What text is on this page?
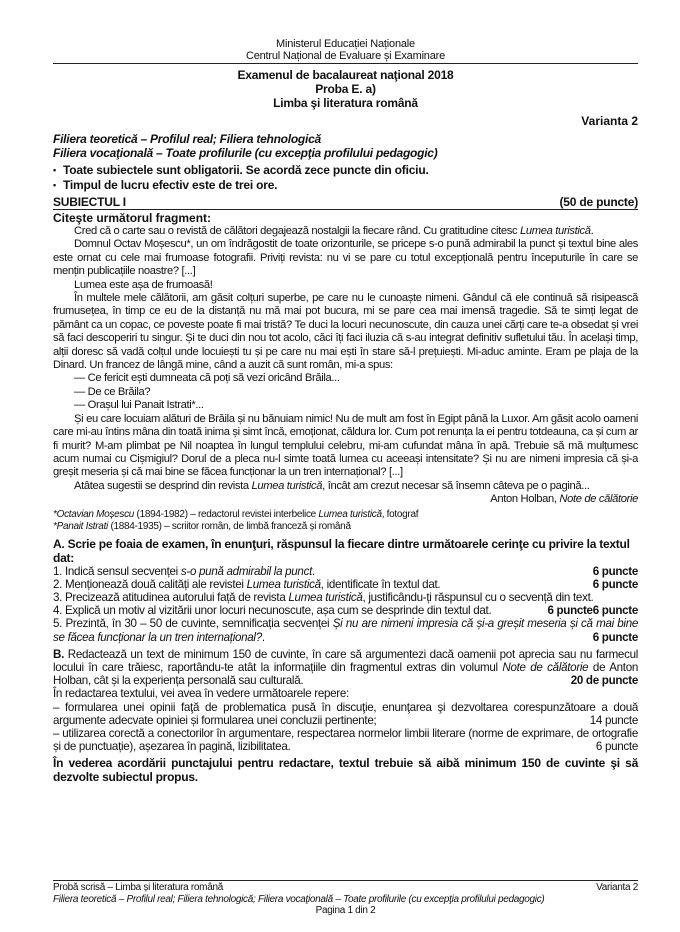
Ministerul Educației Naționale
Centrul Național de Evaluare și Examinare
Examenul de bacalaureat naţional 2018
Proba E. a)
Limba şi literatura română
Varianta 2
Filiera teoretică – Profilul real; Filiera tehnologică
Filiera vocaţională – Toate profilurile (cu excepţia profilului pedagogic)
• Toate subiectele sunt obligatorii. Se acordă zece puncte din oficiu.
• Timpul de lucru efectiv este de trei ore.
SUBIECTUL I	(50 de puncte)
Citeşte următorul fragment:

Cred că o carte sau o revistă de călători degajează nostalgii la fiecare rând. Cu gratitudine citesc Lumea turistică.

Domnul Octav Moșescu*, un om îndrăgostit de toate orizonturile, se pricepe s-o pună admirabil la punct și textul bine ales este ornat cu cele mai frumoase fotografii. Priviți revista: nu vi se pare cu totul excepțională pentru începuturile în care se mențin publicațiile noastre? [...]

Lumea este așa de frumoasă!

În multele mele călătorii, am găsit colțuri superbe, pe care nu le cunoaște nimeni. Gândul că ele continuă să risipească frumusețea, în timp ce eu de la distanță nu mă mai pot bucura, mi se pare cea mai imensă tragedie. Să te simți legat de pământ ca un copac, ce poveste poate fi mai tristă? Te duci la locuri necunoscute, din cauza unei cărți care te-a obsedat și vrei să faci descoperiri tu singur. Și te duci din nou tot acolo, căci îți faci iluzia că s-au integrat definitiv sufletului tău. În același timp, alții doresc să vadă colțul unde locuiești tu și pe care nu mai ești în stare să-l prețuiești. Mi-aduc aminte. Eram pe plaja de la Dinard. Un francez de lângă mine, când a auzit că sunt român, mi-a spus:

— Ce fericit ești dumneata că poți să vezi oricând Brăila...

— De ce Brăila?

— Orașul lui Panait Istrati*...

Și eu care locuiam alături de Brăila și nu bănuiam nimic! Nu de mult am fost în Egipt până la Luxor. Am găsit acolo oameni care mi-au întins mâna din toată inima și simt încă, emoționat, căldura lor. Cum pot renunța la ei pentru totdeauna, ca și cum ar fi murit? M-am plimbat pe Nil noaptea în lungul templului celebru, mi-am cufundat mâna în apă. Trebuie să mă mulțumesc acum numai cu Cișmigiul? Dorul de a pleca nu-l simte toată lumea cu aceeași intensitate? Și nu are nimeni impresia că și-a greșit meseria și că mai bine se făcea funcționar la un tren internațional? [...]

Atâtea sugestii se desprind din revista Lumea turistică, încât am crezut necesar să însemn câteva pe o pagină...

Anton Holban, Note de călătorie
*Octavian Moșescu (1894-1982) – redactorul revistei interbelice Lumea turistică, fotograf
*Panait Istrati (1884-1935) – scriitor român, de limbă franceză și română
A. Scrie pe foaia de examen, în enunţuri, răspunsul la fiecare dintre următoarele cerinţe cu privire la textul dat:
1. Indică sensul secvenței s-o pună admirabil la punct.	6 puncte
2. Menționează două calități ale revistei Lumea turistică, identificate în textul dat.	6 puncte
3. Precizează atitudinea autorului față de revista Lumea turistică, justificându-ți răspunsul cu o secvență din text.
6 puncte
4. Explică un motiv al vizitării unor locuri necunoscute, așa cum se desprinde din textul dat.	6 puncte
5. Prezintă, în 30 – 50 de cuvinte, semnificația secvenței Și nu are nimeni impresia că și-a greșit meseria și că mai bine se făcea funcționar la un tren internațional?.	6 puncte
B. Redactează un text de minimum 150 de cuvinte, în care să argumentezi dacă oamenii pot aprecia sau nu farmecul locului în care trăiesc, raportându-te atât la informațiile din fragmentul extras din volumul Note de călătorie de Anton Holban, cât și la experiența personală sau culturală.	20 de puncte
În redactarea textului, vei avea în vedere următoarele repere:
– formularea unei opinii faţă de problematica pusă în discuţie, enunţarea şi dezvoltarea corespunzătoare a două argumente adecvate opiniei și formularea unei concluzii pertinente;	14 puncte
– utilizarea corectă a conectorilor în argumentare, respectarea normelor limbii literare (norme de exprimare, de ortografie și de punctuație), așezarea în pagină, lizibilitatea.	6 puncte
În vederea acordării punctajului pentru redactare, textul trebuie să aibă minimum 150 de cuvinte şi să dezvolte subiectul propus.
Probă scrisă – Limba și literatura română	Varianta 2
Filiera teoretică – Profilul real; Filiera tehnologică; Filiera vocaţională – Toate profilurile (cu excepţia profilului pedagogic)
Pagina 1 din 2
